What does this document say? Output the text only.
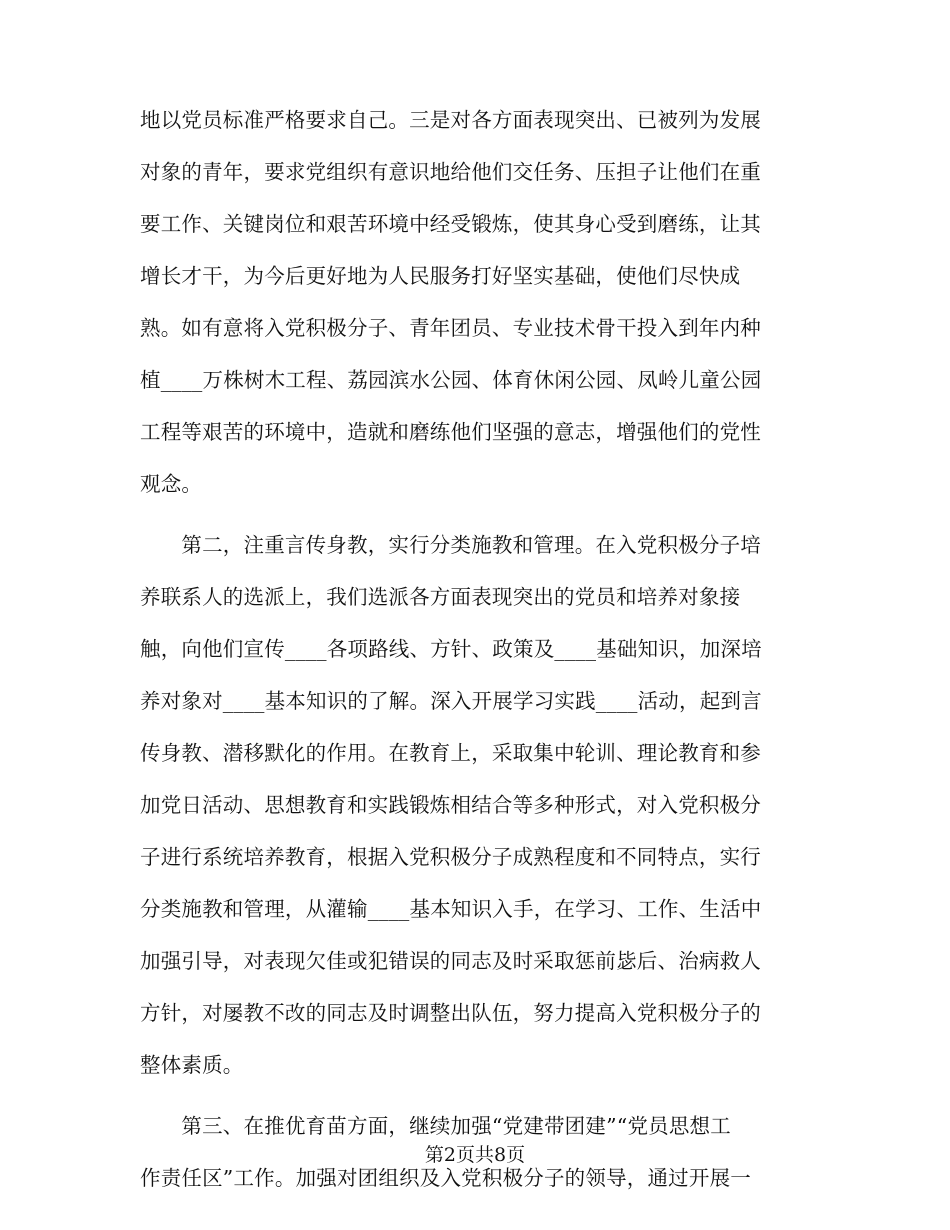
地以党员标准严格要求自己。三是对各方面表现突出、已被列为发展
对象的青年，要求党组织有意识地给他们交任务、压担子让他们在重
要工作、关键岗位和艰苦环境中经受锻炼，使其身心受到磨练，让其
增长才干，为今后更好地为人民服务打好坚实基础，使他们尽快成
熟。如有意将入党积极分子、青年团员、专业技术骨干投入到年内种
植____万株树木工程、荔园滨水公园、体育休闲公园、凤岭儿童公园
工程等艰苦的环境中，造就和磨练他们坚强的意志，增强他们的党性
观念。
　　第二，注重言传身教，实行分类施教和管理。在入党积极分子培
养联系人的选派上，我们选派各方面表现突出的党员和培养对象接
触，向他们宣传____各项路线、方针、政策及____基础知识，加深培
养对象对____基本知识的了解。深入开展学习实践____活动，起到言
传身教、潜移默化的作用。在教育上，采取集中轮训、理论教育和参
加党日活动、思想教育和实践锻炼相结合等多种形式，对入党积极分
子进行系统培养教育，根据入党积极分子成熟程度和不同特点，实行
分类施教和管理，从灌输____基本知识入手，在学习、工作、生活中
加强引导，对表现欠佳或犯错误的同志及时采取惩前毖后、治病救人
方针，对屡教不改的同志及时调整出队伍，努力提高入党积极分子的
整体素质。
　　第三、在推优育苗方面，继续加强“党建带团建”“党员思想工
作责任区”工作。加强对团组织及入党积极分子的领导，通过开展一
第2页共8页
